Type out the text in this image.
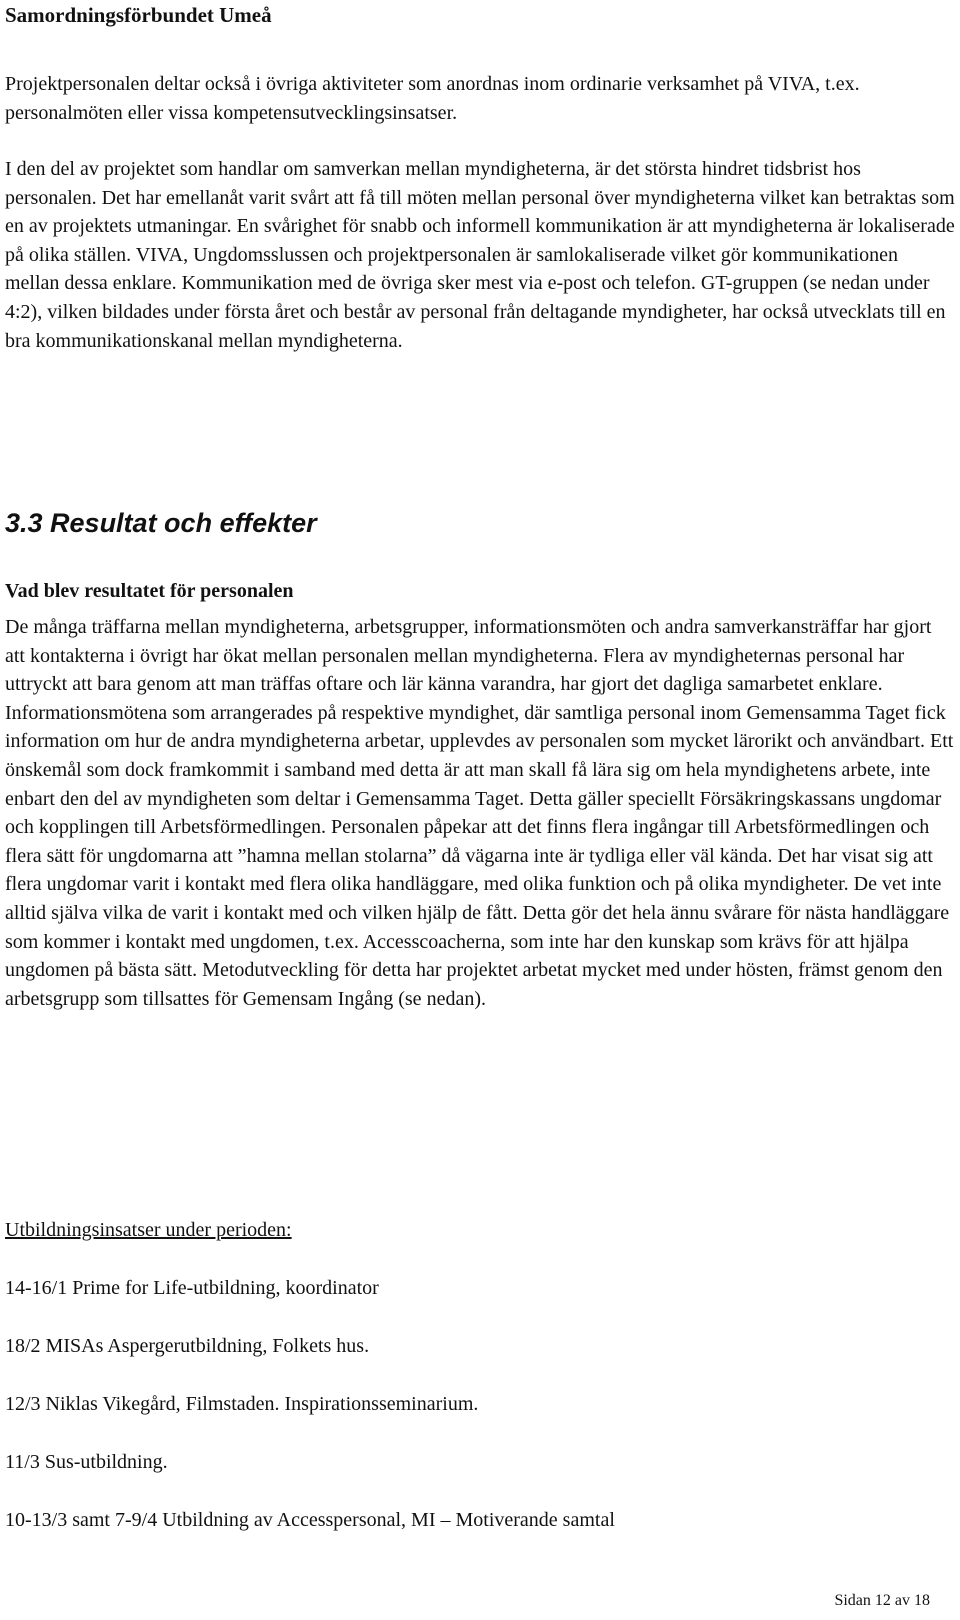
Samordningsförbundet Umeå

Projektpersonalen deltar också i övriga aktiviteter som anordnas inom ordinarie verksamhet på VIVA, t.ex. personalmöten eller vissa kompetensutvecklingsinsatser.

I den del av projektet som handlar om samverkan mellan myndigheterna, är det största hindret tidsbrist hos personalen. Det har emellanåt varit svårt att få till möten mellan personal över myndigheterna vilket kan betraktas som en av projektets utmaningar. En svårighet för snabb och informell kommunikation är att myndigheterna är lokaliserade på olika ställen. VIVA, Ungdomsslussen och projektpersonalen är samlokaliserade vilket gör kommunikationen mellan dessa enklare. Kommunikation med de övriga sker mest via e-post och telefon. GT-gruppen (se nedan under 4:2), vilken bildades under första året och består av personal från deltagande myndigheter, har också utvecklats till en bra kommunikationskanal mellan myndigheterna.

3.3 Resultat och effekter
Vad blev resultatet för personalen

De många träffarna mellan myndigheterna, arbetsgrupper, informationsmöten och andra samverkansträffar har gjort att kontakterna i övrigt har ökat mellan personalen mellan myndigheterna. Flera av myndigheternas personal har uttryckt att bara genom att man träffas oftare och lär känna varandra, har gjort det dagliga samarbetet enklare. Informationsmötena som arrangerades på respektive myndighet, där samtliga personal inom Gemensamma Taget fick information om hur de andra myndigheterna arbetar, upplevdes av personalen som mycket lärorikt och användbart. Ett önskemål som dock framkommit i samband med detta är att man skall få lära sig om hela myndighetens arbete, inte enbart den del av myndigheten som deltar i Gemensamma Taget. Detta gäller speciellt Försäkringskassans ungdomar och kopplingen till Arbetsförmedlingen. Personalen påpekar att det finns flera ingångar till Arbetsförmedlingen och flera sätt för ungdomarna att ”hamna mellan stolarna” då vägarna inte är tydliga eller väl kända. Det har visat sig att flera ungdomar varit i kontakt med flera olika handläggare, med olika funktion och på olika myndigheter. De vet inte alltid själva vilka de varit i kontakt med och vilken hjälp de fått. Detta gör det hela ännu svårare för nästa handläggare som kommer i kontakt med ungdomen, t.ex. Accesscoacherna, som inte har den kunskap som krävs för att hjälpa ungdomen på bästa sätt. Metodutveckling för detta har projektet arbetat mycket med under hösten, främst genom den arbetsgrupp som tillsattes för Gemensam Ingång (se nedan).

Utbildningsinsatser under perioden:

14-16/1 Prime for Life-utbildning, koordinator
18/2 MISAs Aspergerutbildning, Folkets hus.
12/3 Niklas Vikegård, Filmstaden. Inspirationsseminarium.
11/3 Sus-utbildning.
10-13/3 samt 7-9/4 Utbildning av Accesspersonal, MI – Motiverande samtal
Sidan 12 av 18
